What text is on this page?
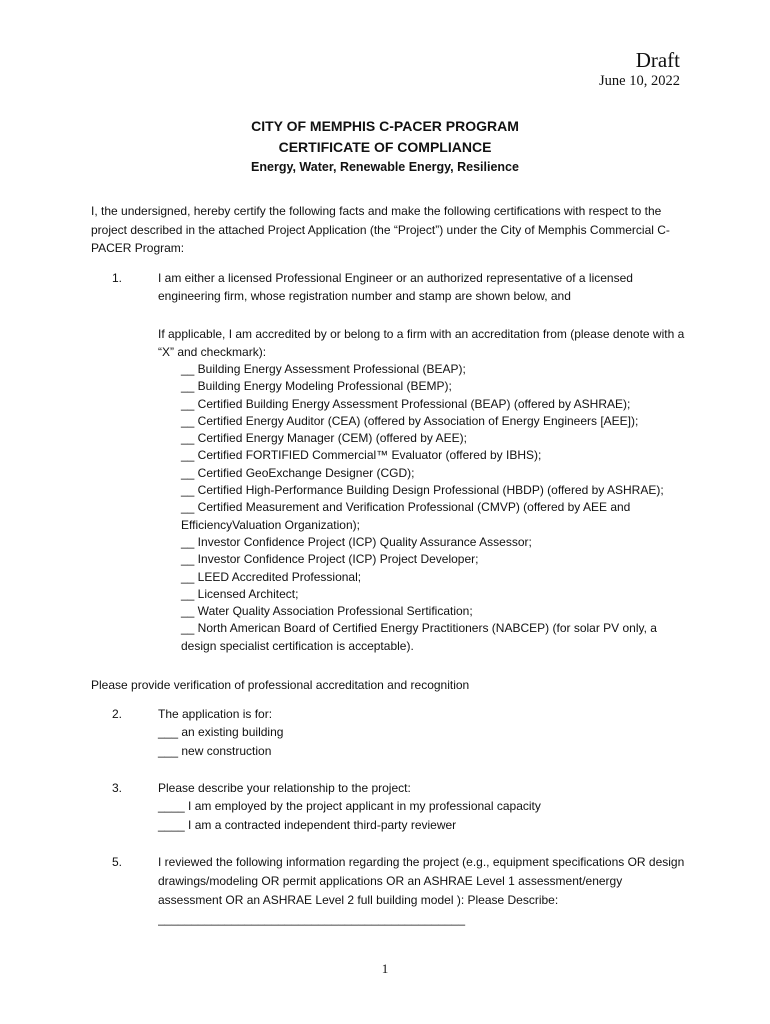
Draft
June 10, 2022
CITY OF MEMPHIS C-PACER PROGRAM
CERTIFICATE OF COMPLIANCE
Energy, Water, Renewable Energy, Resilience
I, the undersigned, hereby certify the following facts and make the following certifications with respect to the project described in the attached Project Application (the “Project”) under the City of Memphis Commercial C-PACER Program:
1.	I am either a licensed Professional Engineer or an authorized representative of a licensed engineering firm, whose registration number and stamp are shown below, and
If applicable, I am accredited by or belong to a firm with an accreditation from (please denote with a “X” and checkmark):
__ Building Energy Assessment Professional (BEAP);
__ Building Energy Modeling Professional (BEMP);
__ Certified Building Energy Assessment Professional (BEAP) (offered by ASHRAE);
__ Certified Energy Auditor (CEA) (offered by Association of Energy Engineers [AEE]);
__ Certified Energy Manager (CEM) (offered by AEE);
__ Certified FORTIFIED Commercial™ Evaluator (offered by IBHS);
__ Certified GeoExchange Designer (CGD);
__ Certified High-Performance Building Design Professional (HBDP) (offered by ASHRAE);
__ Certified Measurement and Verification Professional (CMVP) (offered by AEE and EfficiencyValuation Organization);
__ Investor Confidence Project (ICP) Quality Assurance Assessor;
__ Investor Confidence Project (ICP) Project Developer;
__ LEED Accredited Professional;
__ Licensed Architect;
__ Water Quality Association Professional Sertification;
__ North American Board of Certified Energy Practitioners (NABCEP) (for solar PV only, a design specialist certification is acceptable).
Please provide verification of professional accreditation and recognition
2.	The application is for:
___ an existing building
___ new construction
3.	Please describe your relationship to the project:
____ I am employed by the project applicant in my professional capacity
____ I am a contracted independent third-party reviewer
5.	I reviewed the following information regarding the project (e.g., equipment specifications OR design drawings/modeling OR permit applications OR an ASHRAE Level 1 assessment/energy assessment OR an ASHRAE Level 2 full building model ): Please Describe:
______________________________________________
1
